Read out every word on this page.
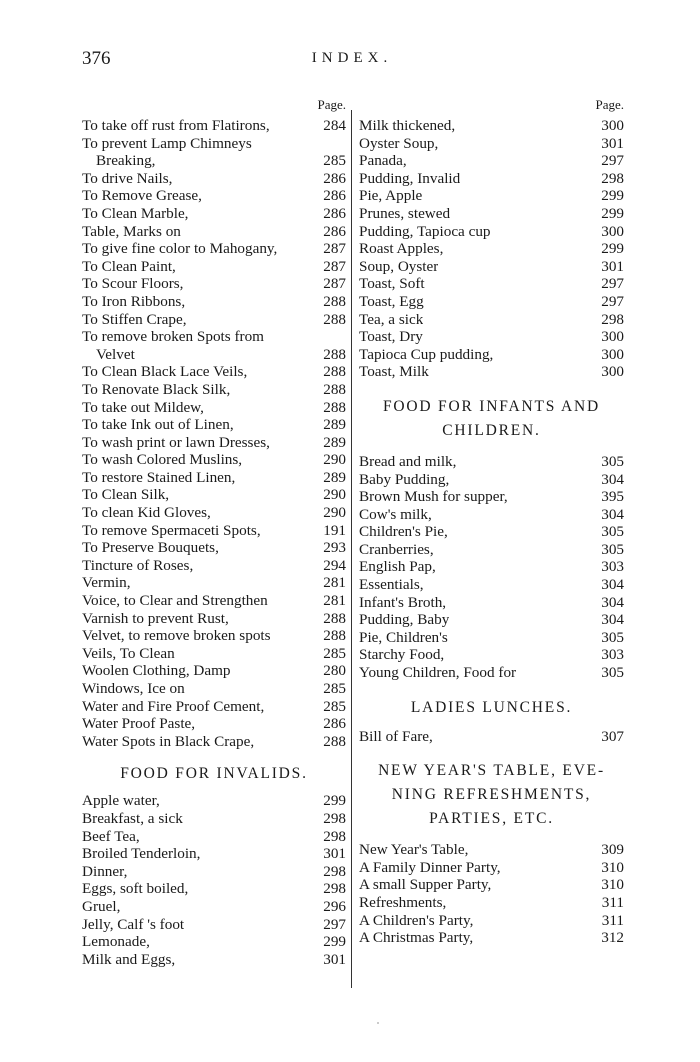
376	INDEX.
Page.
To take off rust from Flatirons,	284
To prevent Lamp Chimneys
Breaking,	285
To drive Nails,	286
To Remove Grease,	286
To Clean Marble,	286
Table, Marks on	286
To give fine color to Mahogany,	287
To Clean Paint,	287
To Scour Floors,	287
To Iron Ribbons,	288
To Stiffen Crape,	288
To remove broken Spots from
Velvet	288
To Clean Black Lace Veils,	288
To Renovate Black Silk,	288
To take out Mildew,	288
To take Ink out of Linen,	289
To wash print or lawn Dresses,	289
To wash Colored Muslins,	290
To restore Stained Linen,	289
To Clean Silk,	290
To clean Kid Gloves,	290
To remove Spermaceti Spots,	191
To Preserve Bouquets,	293
Tincture of Roses,	294
Vermin,	281
Voice, to Clear and Strengthen	281
Varnish to prevent Rust,	288
Velvet, to remove broken spots	288
Veils, To Clean	285
Woolen Clothing, Damp	280
Windows, Ice on	285
Water and Fire Proof Cement,	285
Water Proof Paste,	286
Water Spots in Black Crape,	288
FOOD FOR INVALIDS.
Apple water,	299
Breakfast, a sick	298
Beef Tea,	298
Broiled Tenderloin,	301
Dinner,	298
Eggs, soft boiled,	298
Gruel,	296
Jelly, Calf 's foot	297
Lemonade,	299
Milk and Eggs,	301
Page.
Milk thickened,	300
Oyster Soup,	301
Panada,	297
Pudding, Invalid	298
Pie, Apple	299
Prunes, stewed	299
Pudding, Tapioca cup	300
Roast Apples,	299
Soup, Oyster	301
Toast, Soft	297
Toast, Egg	297
Tea, a sick	298
Toast, Dry	300
Tapioca Cup pudding,	300
Toast, Milk	300
FOOD FOR INFANTS AND
CHILDREN.
Bread and milk,	305
Baby Pudding,	304
Brown Mush for supper,	395
Cow's milk,	304
Children's Pie,	305
Cranberries,	305
English Pap,	303
Essentials,	304
Infant's Broth,	304
Pudding, Baby	304
Pie, Children's	305
Starchy Food,	303
Young Children, Food for	305
LADIES LUNCHES.
Bill of Fare,	307
NEW YEAR'S TABLE, EVE-
NING REFRESHMENTS,
PARTIES, ETC.
New Year's Table,	309
A Family Dinner Party,	310
A small Supper Party,	310
Refreshments,	311
A Children's Party,	311
A Christmas Party,	312
